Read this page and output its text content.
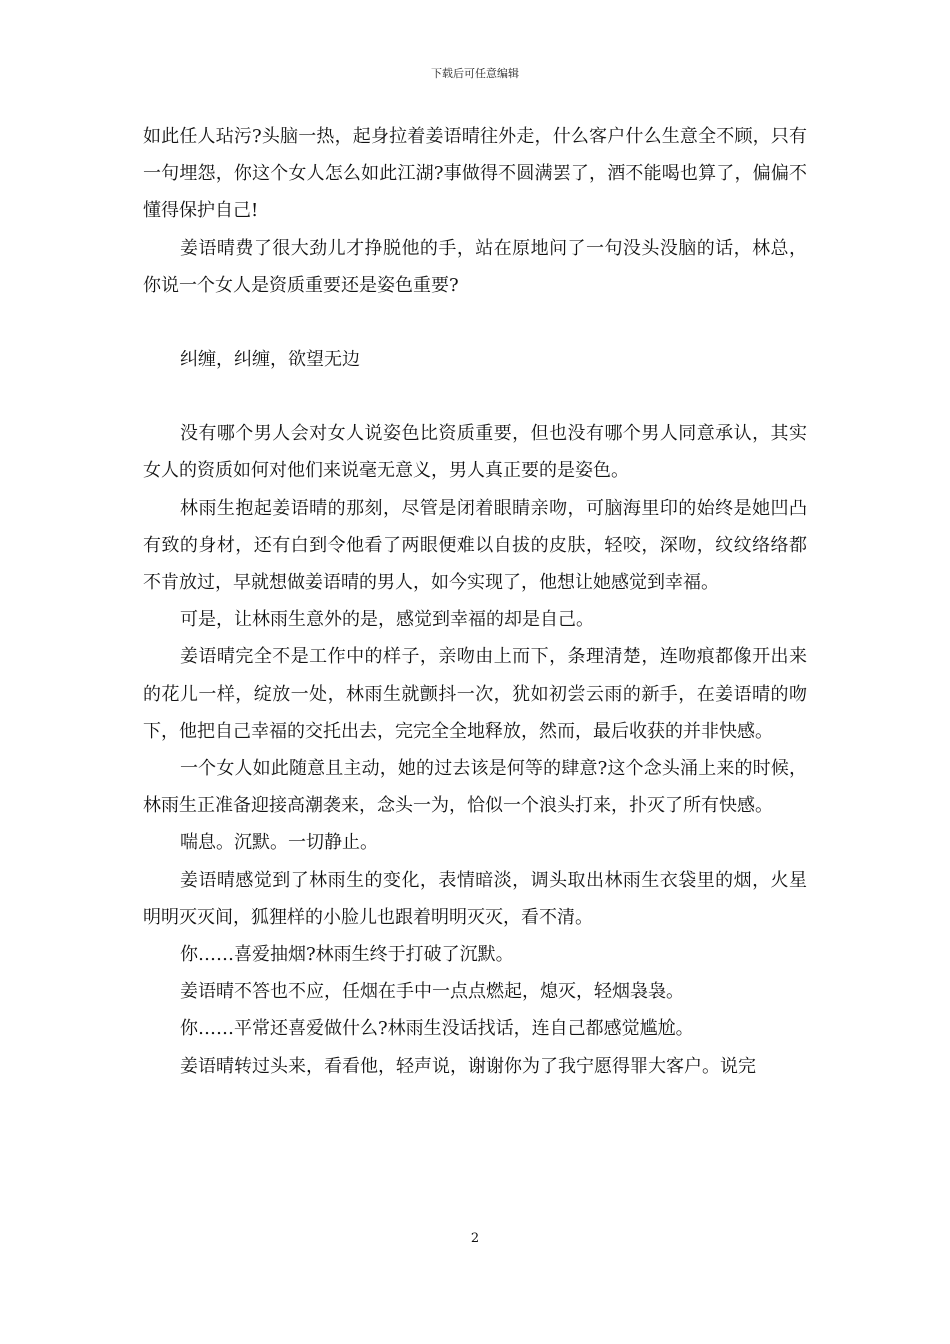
下载后可任意编辑

如此任人玷污?头脑一热，起身拉着姜语晴往外走，什么客户什么生意全不顾，只有一句埋怨，你这个女人怎么如此江湖?事做得不圆满罢了，酒不能喝也算了，偏偏不懂得保护自己!

姜语晴费了很大劲儿才挣脱他的手，站在原地问了一句没头没脑的话，林总，你说一个女人是资质重要还是姿色重要?

纠缠，纠缠，欲望无边

没有哪个男人会对女人说姿色比资质重要，但也没有哪个男人同意承认，其实女人的资质如何对他们来说毫无意义，男人真正要的是姿色。

林雨生抱起姜语晴的那刻，尽管是闭着眼睛亲吻，可脑海里印的始终是她凹凸有致的身材，还有白到令他看了两眼便难以自拔的皮肤，轻咬，深吻，纹纹络络都不肯放过，早就想做姜语晴的男人，如今实现了，他想让她感觉到幸福。

可是，让林雨生意外的是，感觉到幸福的却是自己。

姜语晴完全不是工作中的样子，亲吻由上而下，条理清楚，连吻痕都像开出来的花儿一样，绽放一处，林雨生就颤抖一次，犹如初尝云雨的新手，在姜语晴的吻下，他把自己幸福的交托出去，完完全全地释放，然而，最后收获的并非快感。

一个女人如此随意且主动，她的过去该是何等的肆意?这个念头涌上来的时候，林雨生正准备迎接高潮袭来，念头一为，恰似一个浪头打来，扑灭了所有快感。

喘息。沉默。一切静止。

姜语晴感觉到了林雨生的变化，表情暗淡，调头取出林雨生衣袋里的烟，火星明明灭灭间，狐狸样的小脸儿也跟着明明灭灭，看不清。

你……喜爱抽烟?林雨生终于打破了沉默。

姜语晴不答也不应，任烟在手中一点点燃起，熄灭，轻烟袅袅。

你……平常还喜爱做什么?林雨生没话找话，连自己都感觉尴尬。

姜语晴转过头来，看看他，轻声说，谢谢你为了我宁愿得罪大客户。说完

2
